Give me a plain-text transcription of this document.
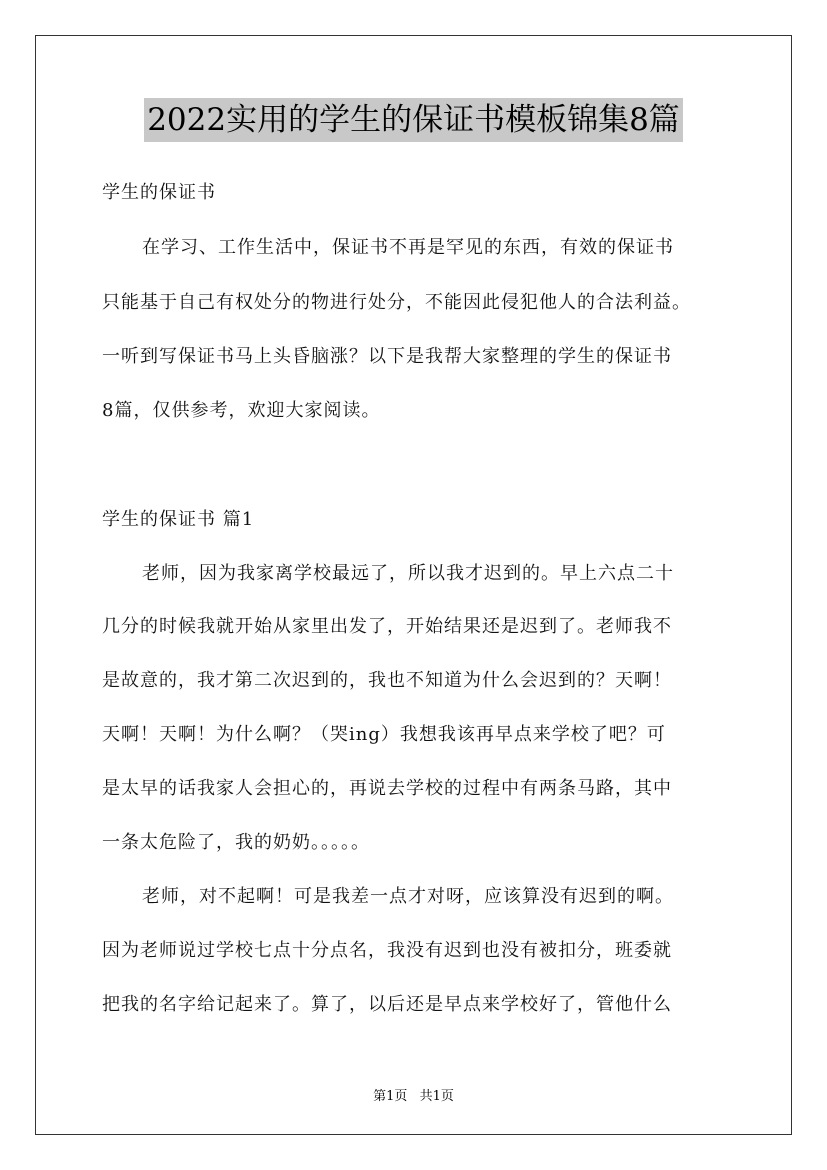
2022实用的学生的保证书模板锦集8篇
学生的保证书
在学习、工作生活中，保证书不再是罕见的东西，有效的保证书
只能基于自己有权处分的物进行处分，不能因此侵犯他人的合法利益。
一听到写保证书马上头昏脑涨？以下是我帮大家整理的学生的保证书
8篇，仅供参考，欢迎大家阅读。
学生的保证书 篇1
老师，因为我家离学校最远了，所以我才迟到的。早上六点二十
几分的时候我就开始从家里出发了，开始结果还是迟到了。老师我不
是故意的，我才第二次迟到的，我也不知道为什么会迟到的？天啊！
天啊！天啊！为什么啊？（哭ing）我想我该再早点来学校了吧？可
是太早的话我家人会担心的，再说去学校的过程中有两条马路，其中
一条太危险了，我的奶奶。。。。。
老师，对不起啊！可是我差一点才对呀，应该算没有迟到的啊。
因为老师说过学校七点十分点名，我没有迟到也没有被扣分，班委就
把我的名字给记起来了。算了，以后还是早点来学校好了，管他什么
第1页 共1页
